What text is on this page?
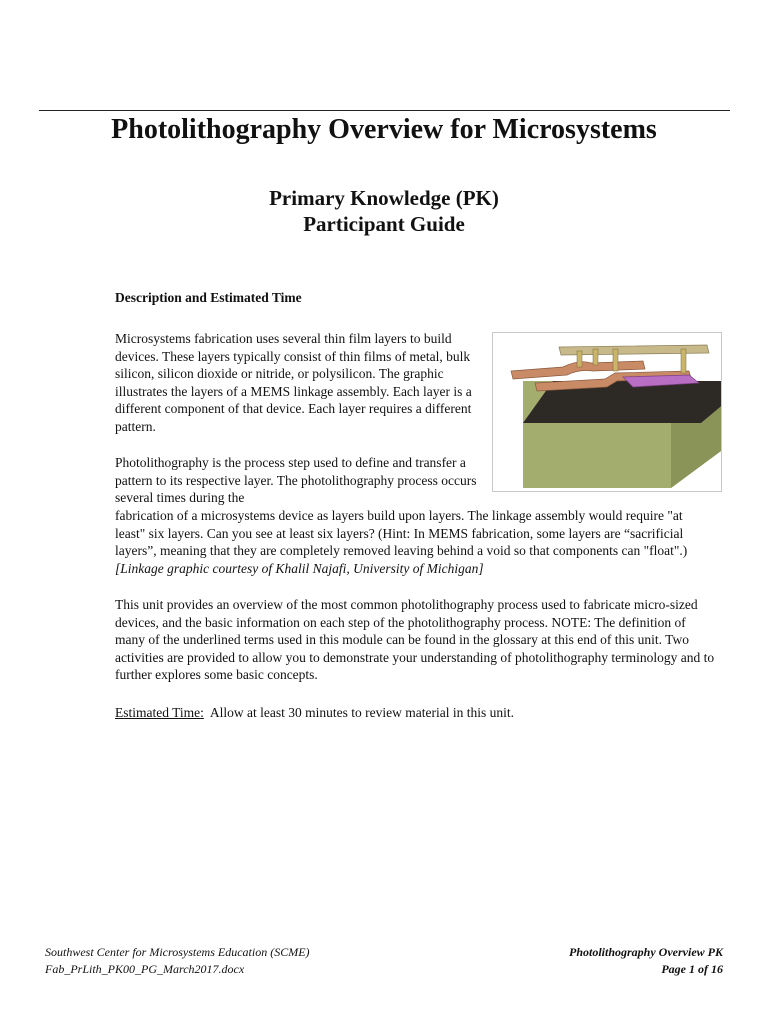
Photolithography Overview for Microsystems
Primary Knowledge (PK)
Participant Guide
Description and Estimated Time
Microsystems fabrication uses several thin film layers to build devices. These layers typically consist of thin films of metal, bulk silicon, silicon dioxide or nitride, or polysilicon. The graphic illustrates the layers of a MEMS linkage assembly. Each layer is a different component of that device. Each layer requires a different pattern.
Photolithography is the process step used to define and transfer a pattern to its respective layer. The photolithography process occurs several times during the
fabrication of a microsystems device as layers build upon layers. The linkage assembly would require "at least" six layers. Can you see at least six layers? (Hint: In MEMS fabrication, some layers are “sacrificial layers”, meaning that they are completely removed leaving behind a void so that components can "float".) [Linkage graphic courtesy of Khalil Najafi, University of Michigan]
This unit provides an overview of the most common photolithography process used to fabricate micro-sized devices, and the basic information on each step of the photolithography process. NOTE: The definition of many of the underlined terms used in this module can be found in the glossary at this end of this unit. Two activities are provided to allow you to demonstrate your understanding of photolithography terminology and to further explores some basic concepts.
Estimated Time: Allow at least 30 minutes to review material in this unit.
Southwest Center for Microsystems Education (SCME)
Fab_PrLith_PK00_PG_March2017.docx
Photolithography Overview PK
Page 1 of 16
